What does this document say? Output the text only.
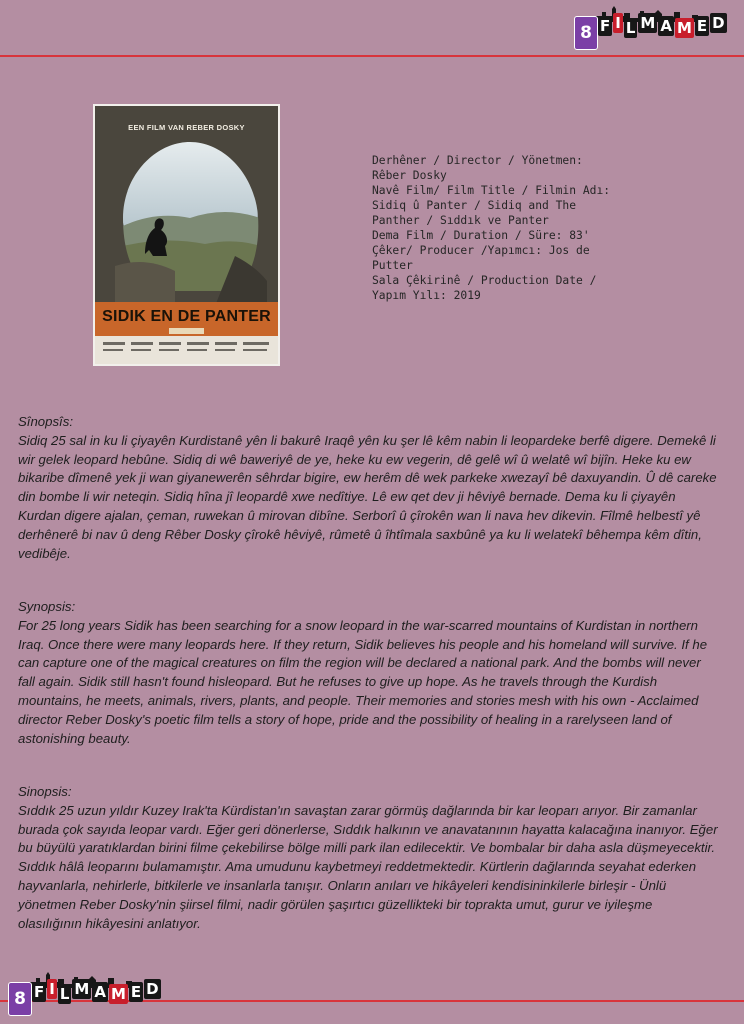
8 F I L M A M E D
EEN FILM VAN REBER DOSKY
SIDIK EN DE PANTER
Derhêner / Director / Yönetmen:
Rêber Dosky
Navê Film/ Film Title / Filmin Adı:
Sidiq û Panter / Sidiq and The
Panther / Sıddık ve Panter
Dema Film / Duration / Süre: 83'
Çêker/ Producer /Yapımcı: Jos de
Putter
Sala Çêkirinê / Production Date /
Yapım Yılı: 2019
Sînopsîs:
Sidiq 25 sal in ku li çiyayên Kurdistanê yên li bakurê Iraqê yên ku şer lê kêm nabin li leopardeke berfê digere. Demekê li wir gelek leopard hebûne. Sidiq di wê baweriyê de ye, heke ku ew vegerin, dê gelê wî û welatê wî bijîn. Heke ku ew bikaribe dîmenê yek ji wan giyanewerên sêhrdar bigire, ew herêm dê wek parkeke xwezayî bê daxuyandin. Û dê careke din bombe li wir neteqin. Sidiq hîna jî leopardê xwe nedîtiye. Lê ew qet dev ji hêviyê bernade. Dema ku li çiyayên Kurdan digere ajalan, çeman, ruwekan û mirovan dibîne. Serborî û çîrokên wan li nava hev dikevin. Fîlmê helbestî yê derhênerê bi nav û deng Rêber Dosky çîrokê hêviyê, rûmetê û îhtîmala saxbûnê ya ku li welatekî bêhempa kêm dîtin, vedibêje.
Synopsis:
For 25 long years Sidik has been searching for a snow leopard in the war-scarred mountains of Kurdistan in northern Iraq. Once there were many leopards here. If they return, Sidik believes his people and his homeland will survive. If he can capture one of the magical creatures on film the region will be declared a national park. And the bombs will never fall again. Sidik still hasn't found hisleopard. But he refuses to give up hope. As he travels through the Kurdish mountains, he meets, animals, rivers, plants, and people. Their memories and stories mesh with his own - Acclaimed director Reber Dosky's poetic film tells a story of hope, pride and the possibility of healing in a rarelyseen land of astonishing beauty.
Sinopsis:
Sıddık 25 uzun yıldır Kuzey Irak'ta Kürdistan'ın savaştan zarar görmüş dağlarında bir kar leoparı arıyor. Bir zamanlar burada çok sayıda leopar vardı. Eğer geri dönerlerse, Sıddık halkının ve anavatanının hayatta kalacağına inanıyor. Eğer bu büyülü yaratıklardan birini filme çekebilirse bölge milli park ilan edilecektir. Ve bombalar bir daha asla düşmeyecektir. Sıddık hâlâ leoparını bulamamıştır. Ama umudunu kaybetmeyi reddetmektedir. Kürtlerin dağlarında seyahat ederken hayvanlarla, nehirlerle, bitkilerle ve insanlarla tanışır. Onların anıları ve hikâyeleri kendisininkilerle birleşir - Ünlü yönetmen Reber Dosky'nin şiirsel filmi, nadir görülen şaşırtıcı güzellikteki bir toprakta umut, gurur ve iyileşme olasılığının hikâyesini anlatıyor.
8 F I L M A M E D
